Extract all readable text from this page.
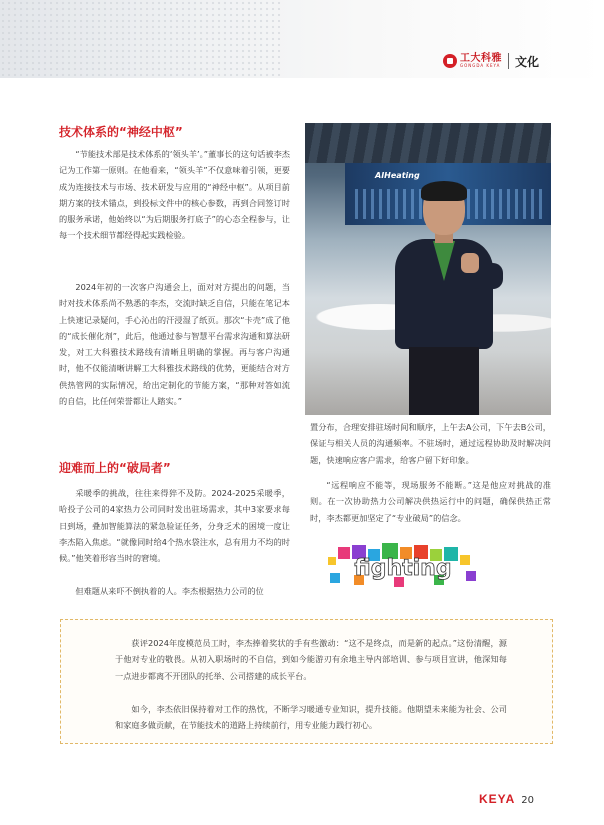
工大科雅
GONGDA KEYA 文化
技术体系的“神经中枢”
“节能技术部是技术体系的‘领头羊’。”董事长的这句话被李杰记为工作第一原则。在他看来，“领头羊”不仅意味着引领，更要成为连接技术与市场、技术研发与应用的“神经中枢”。从项目前期方案的技术锚点，到投标文件中的核心参数，再到合同签订时的服务承诺，他始终以“为后期服务打底子”的心态全程参与，让每一个技术细节都经得起实践检验。
2024年初的一次客户沟通会上，面对对方提出的问题，当时对技术体系尚不熟悉的李杰，交流时缺乏自信，只能在笔记本上快速记录疑问，手心沁出的汗浸湿了纸页。那次“卡壳”成了他的“成长催化剂”，此后，他通过参与智慧平台需求沟通和算法研发，对工大科雅技术路线有清晰且明确的掌握。再与客户沟通时，他不仅能清晰讲解工大科雅技术路线的优势，更能结合对方供热管网的实际情况，给出定制化的节能方案，“那种对答如流的自信，比任何荣誉都让人踏实。”
AIHeating
置分布，合理安排驻场时间和顺序，上午去A公司，下午去B公司，保证与相关人员的沟通频率。不驻场时，通过远程协助及时解决问题，快速响应客户需求，给客户留下好印象。
“远程响应不能等，现场服务不能断。”这是他应对挑战的准则。在一次协助热力公司解决供热运行中的问题，确保供热正常时，李杰都更加坚定了“专业破局”的信念。
迎难而上的“破局者”
采暖季的挑战，往往来得猝不及防。2024-2025采暖季，哈投子公司的4家热力公司同时发出驻场需求，其中3家要求每日到场，叠加智能算法的紧急验证任务，分身乏术的困境一度让李杰陷入焦虑。“就像同时给4个热水袋注水，总有用力不均的时候。”他笑着形容当时的窘境。
但难题从来吓不倒执着的人。李杰根据热力公司的位
fighting
获评2024年度模范员工时，李杰捧着奖状的手有些激动：“这不是终点，而是新的起点。”这份清醒，源于他对专业的敬畏。从初入职场时的不自信，到如今能游刃有余地主导内部培训、参与项目宣讲，他深知每一点进步都离不开团队的托举、公司搭建的成长平台。
如今，李杰依旧保持着对工作的热忱，不断学习暖通专业知识，提升技能。他期望未来能为社会、公司和家庭多做贡献，在节能技术的道路上持续前行，用专业能力践行初心。
KEYA 20
